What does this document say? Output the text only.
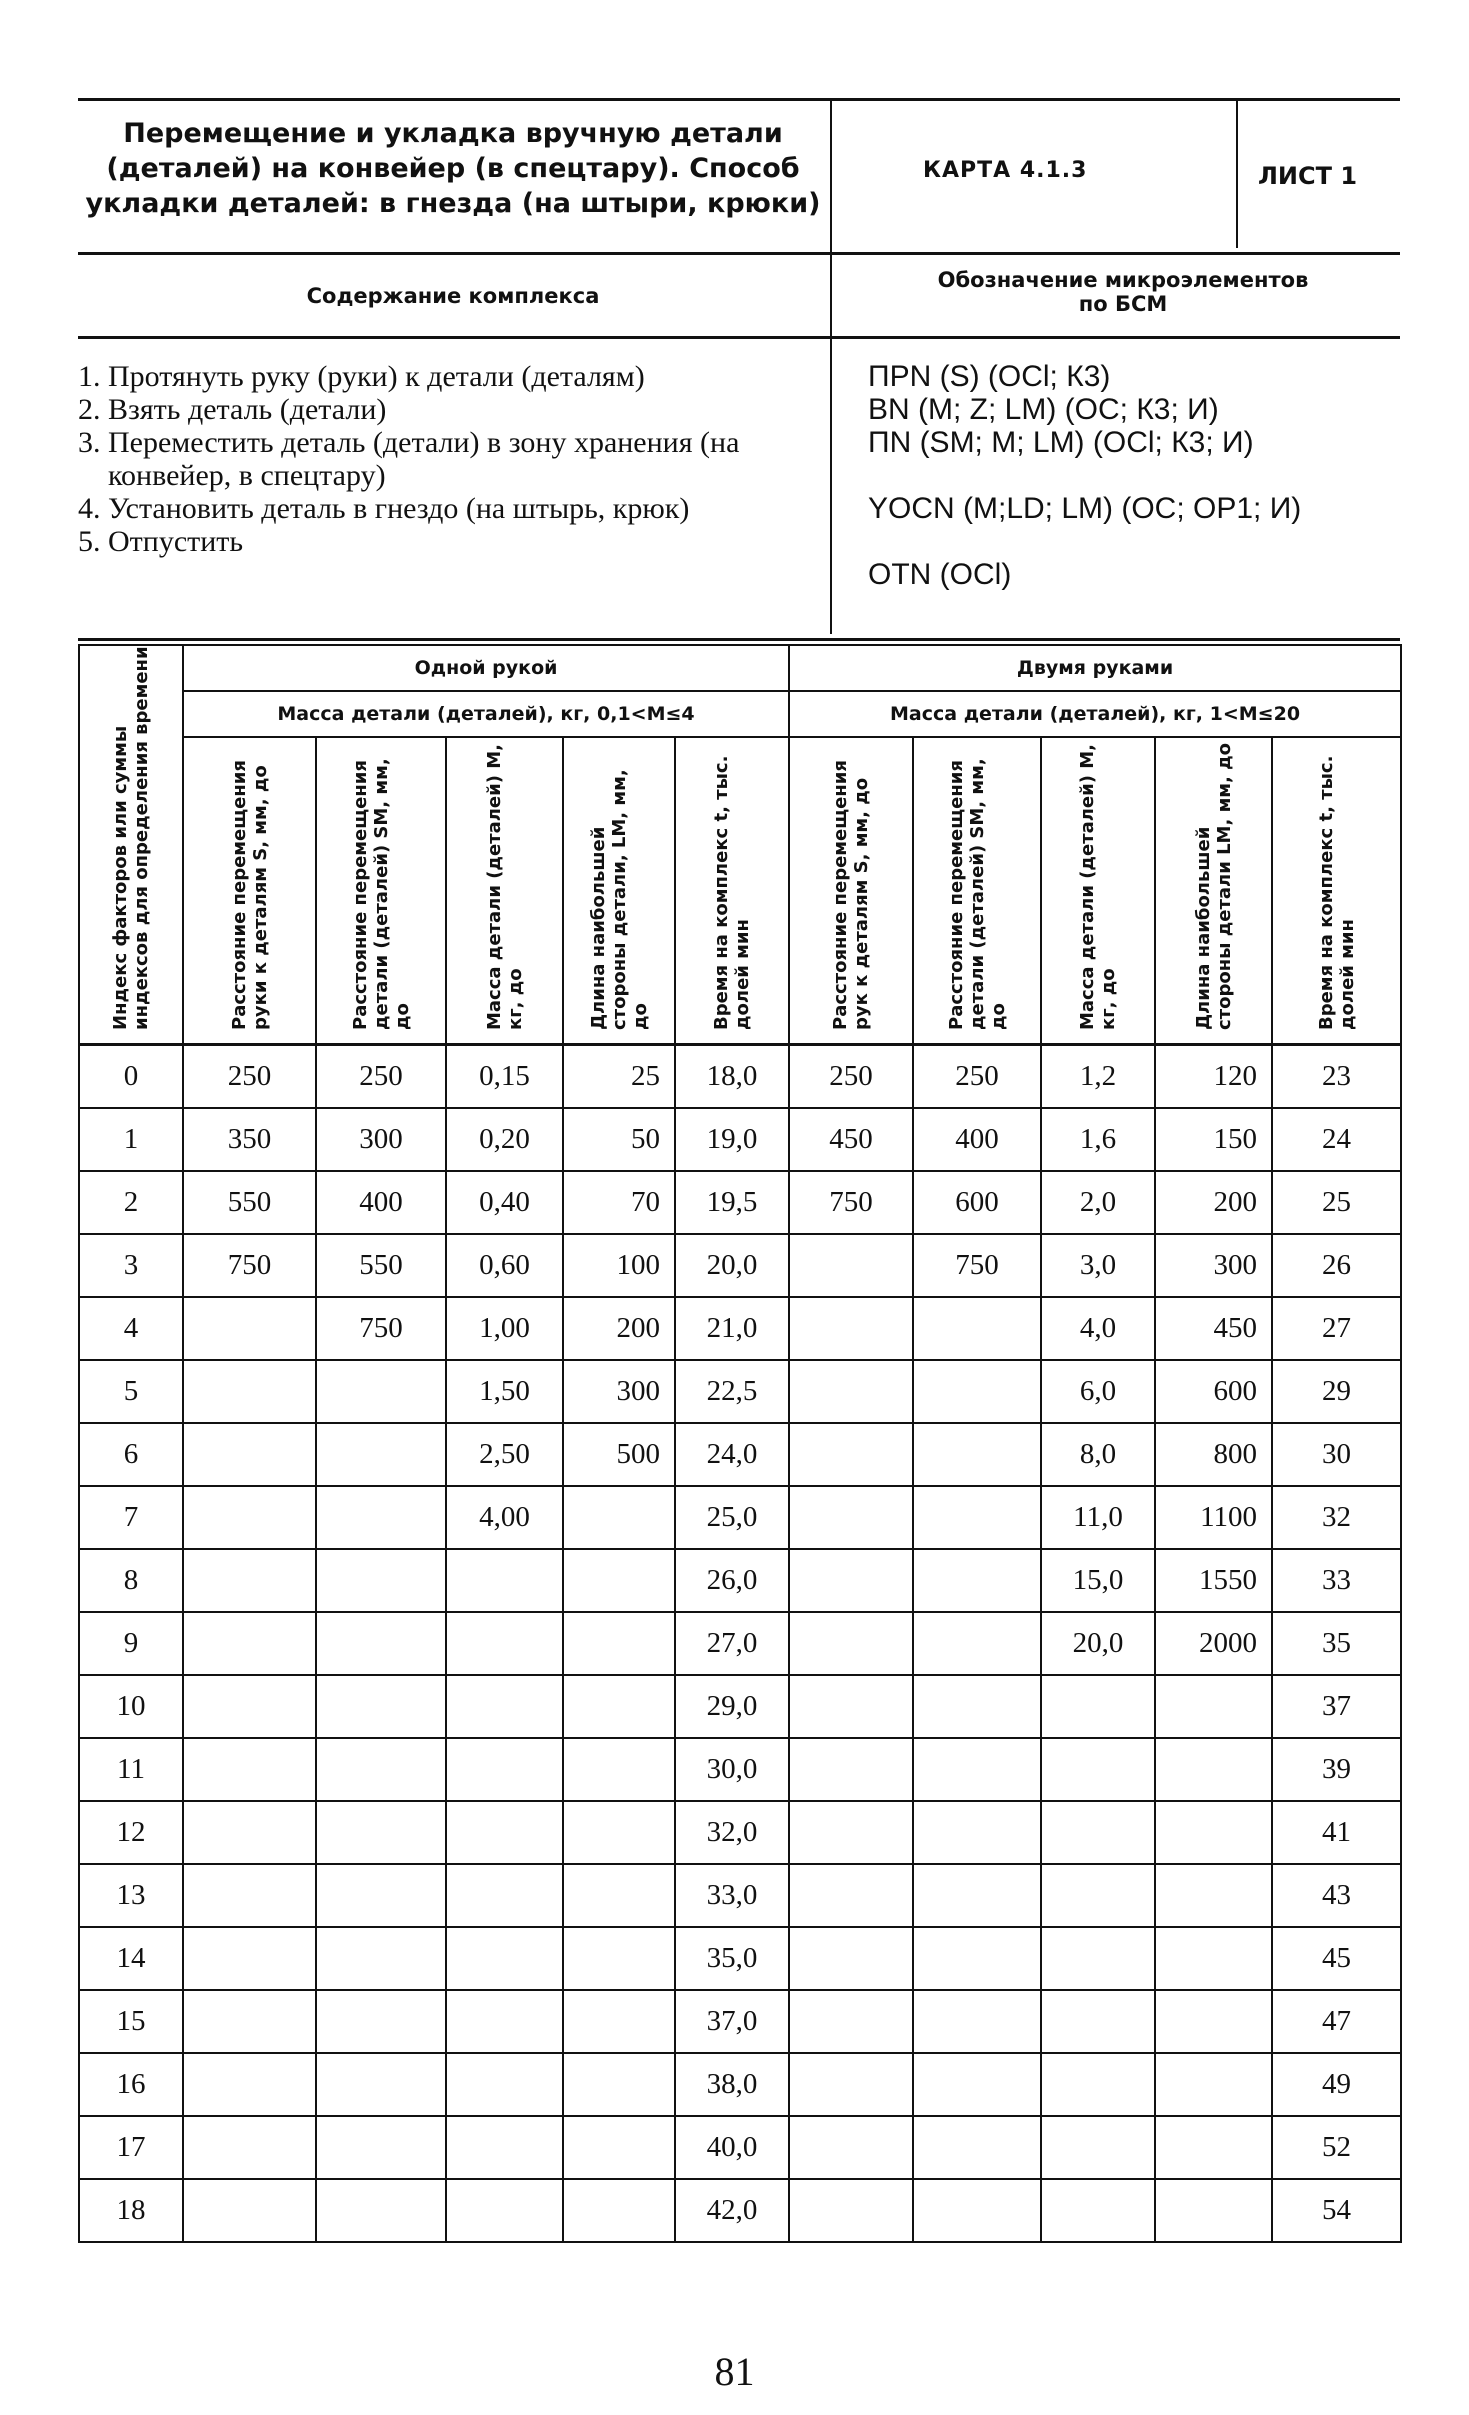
Перемещение и укладка вручную детали
(деталей) на конвейер (в спецтару). Способ
укладки деталей: в гнезда (на штыри, крюки)
КАРТА 4.1.3	ЛИСТ 1
Содержание комплекса
Обозначение микроэлементов
по БСМ
1. Протянуть руку (руки) к детали (деталям)
2. Взять деталь (детали)
3. Переместить деталь (детали) в зону хранения (на конвейер, в спецтару)
4. Установить деталь в гнездо (на штырь, крюк)
5. Отпустить
ПPN (S) (OCl; К3)
BN (M; Z; LM) (ОС; К3; И)
ПN (SM; M; LM) (OCl; К3; И)
YOCN (M;LD; LM) (ОС; ОР1; И)
OTN (OCl)
Индекс факторов или суммы индексов для определения времени	Одной рукой					Двумя руками				
	Масса детали (деталей), кг, 0,1<M≤4					Масса детали (деталей), кг, 1<M≤20				
	Расстояние перемещения руки к деталям S, мм, до	Расстояние перемещения детали (деталей) SM, мм, до	Масса детали (деталей) M, кг, до	Длина наибольшей стороны детали, LM, мм, до	Время на комплекс t, тыс. долей мин	Расстояние перемещения рук к деталям S, мм, до	Расстояние перемещения детали (деталей) SM, мм, до	Масса детали (деталей) M, кг, до	Длина наибольшей стороны детали LM, мм, до	Время на комплекс t, тыс. долей мин
0	250	250	0,15	25	18,0	250	250	1,2	120	23
1	350	300	0,20	50	19,0	450	400	1,6	150	24
2	550	400	0,40	70	19,5	750	600	2,0	200	25
3	750	550	0,60	100	20,0		750	3,0	300	26
4		750	1,00	200	21,0			4,0	450	27
5			1,50	300	22,5			6,0	600	29
6			2,50	500	24,0			8,0	800	30
7			4,00		25,0			11,0	1100	32
8					26,0			15,0	1550	33
9					27,0			20,0	2000	35
10					29,0					37
11					30,0					39
12					32,0					41
13					33,0					43
14					35,0					45
15					37,0					47
16					38,0					49
17					40,0					52
18					42,0					54
81
